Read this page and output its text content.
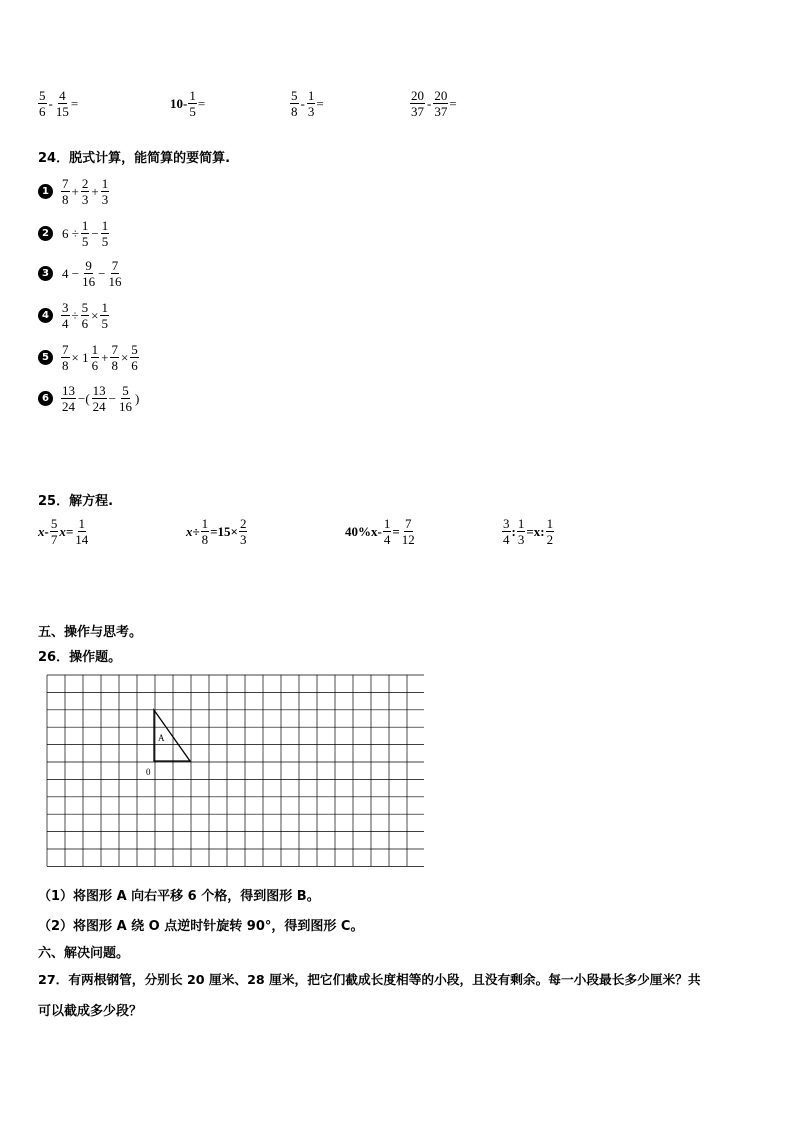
$\frac{5}{6} - \frac{4}{15}$ =	$10- \frac{1}{5}$ =	$\frac{5}{8} - \frac{1}{3}$ =	$\frac{20}{37} - \frac{20}{37}$ =
24．脱式计算，能简算的要简算.
$1 \frac{7}{8} + \frac{2}{3} + \frac{1}{3}$
2	$6 \div \frac{1}{5} - \frac{1}{5}$
3	$4 - \frac{9}{16} - \frac{7}{16}$
$4 \frac{3}{4} \div \frac{5}{6} \times \frac{1}{5}$
$5 \frac{7}{8} \times 1 \frac{1}{6} + \frac{7}{8} \times \frac{5}{6}$
$6 \frac{13}{24}$ −( $\frac{13}{24} - \frac{5}{16}$ )
25．解方程.
$x- \frac{5}{7} x= \frac{1}{14}$	$x\div \frac{1}{8} =15\times \frac{2}{3}$	$40\%x- \frac{1}{4} = \frac{7}{12}$	$\frac{3}{4}$ : $\frac{1}{3} =x$: $\frac{1}{2}$
五、操作与思考。
26．操作题。
A
0
（1）将图形 A 向右平移 6 个格，得到图形 B。
（2）将图形 A 绕 O 点逆时针旋转 90°，得到图形 C。
六、解决问题。
27．有两根钢管，分别长 20 厘米、28 厘米，把它们截成长度相等的小段，且没有剩余。每一小段最长多少厘米？共
可以截成多少段？
